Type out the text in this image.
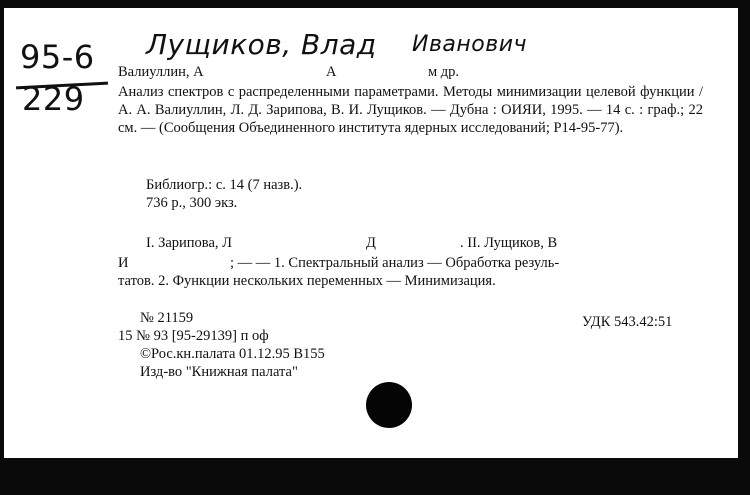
95-6
229
Лущиков, Влад Иванович
Валиуллин, А	А	м др.
Анализ спектров с распределенными параметрами. Методы минимизации целевой функции / А. А. Валиуллин, Л. Д. Зарипова, В. И. Лущиков. — Дубна : ОИЯИ, 1995. — 14 с. : граф.; 22 см. — (Сообщения Объединенного института ядерных исследований; Р14-95-77).
Библиогр.: с. 14 (7 назв.).
736 р., 300 экз.
I. Зарипова, Л	Д	. II. Лущиков, В
И	; — — 1. Спектральный анализ — Обработка резуль-
татов. 2. Функции нескольких переменных — Минимизация.
№ 21159	УДК 543.42:51
15 № 93 [95-29139] п оф
©Рос.кн.палата 01.12.95 В155
Изд-во "Книжная палата"
